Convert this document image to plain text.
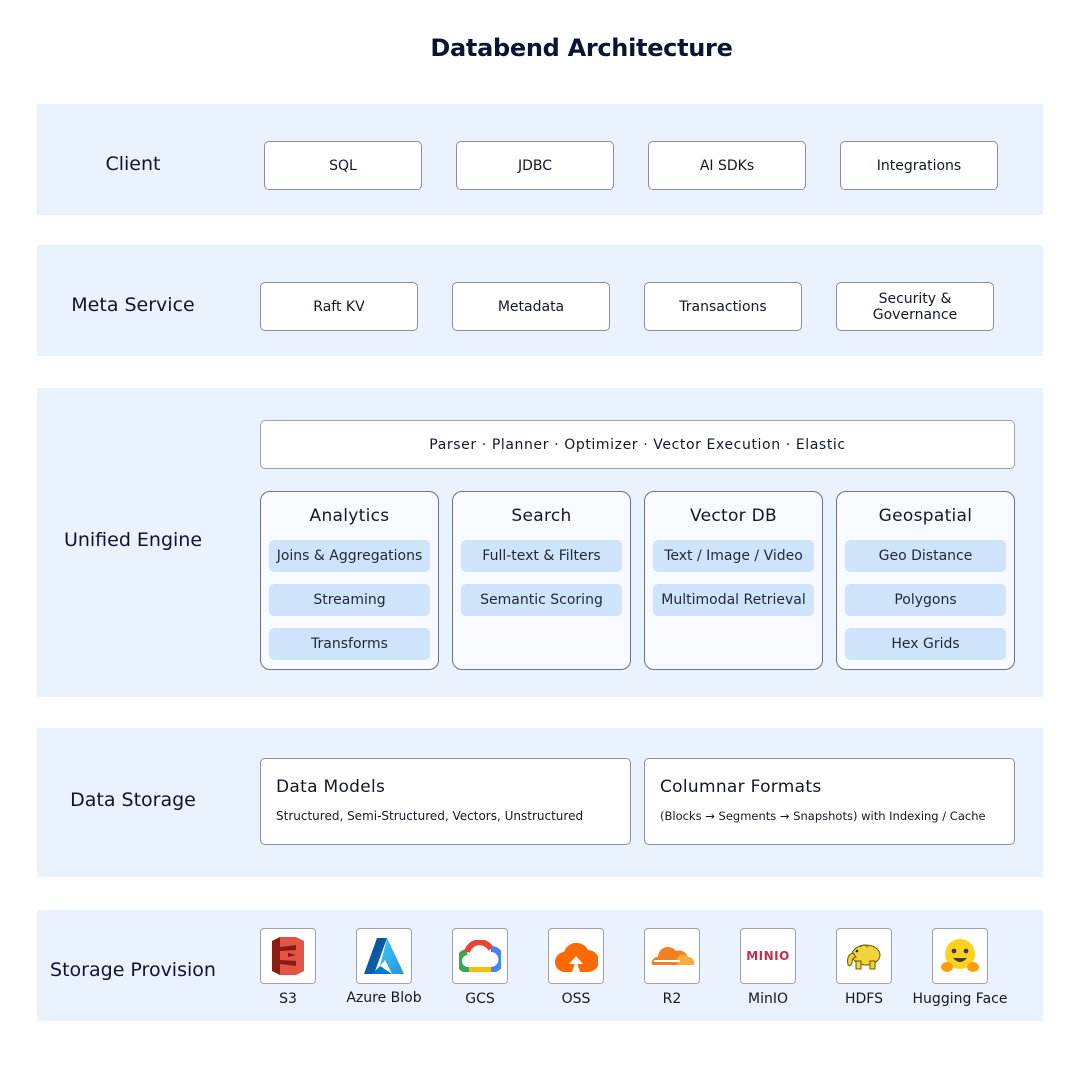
Databend Architecture
Client	SQL	JDBC	AI SDKs	Integrations
Meta Service	Raft KV	Metadata	Transactions	Security &
Governance
Unified Engine
Parser · Planner · Optimizer · Vector Execution · Elastic
Analytics
Joins & Aggregations
Streaming
Transforms
Search
Full-text & Filters
Semantic Scoring
Vector DB
Text / Image / Video
Multimodal Retrieval
Geospatial
Geo Distance
Polygons
Hex Grids
Data Storage
Data Models
Structured, Semi-Structured, Vectors, Unstructured
Columnar Formats
(Blocks → Segments → Snapshots) with Indexing / Cache
Storage Provision
S3	Azure Blob	GCS	OSS	R2
MINIO
MinIO	HDFS	Hugging Face
